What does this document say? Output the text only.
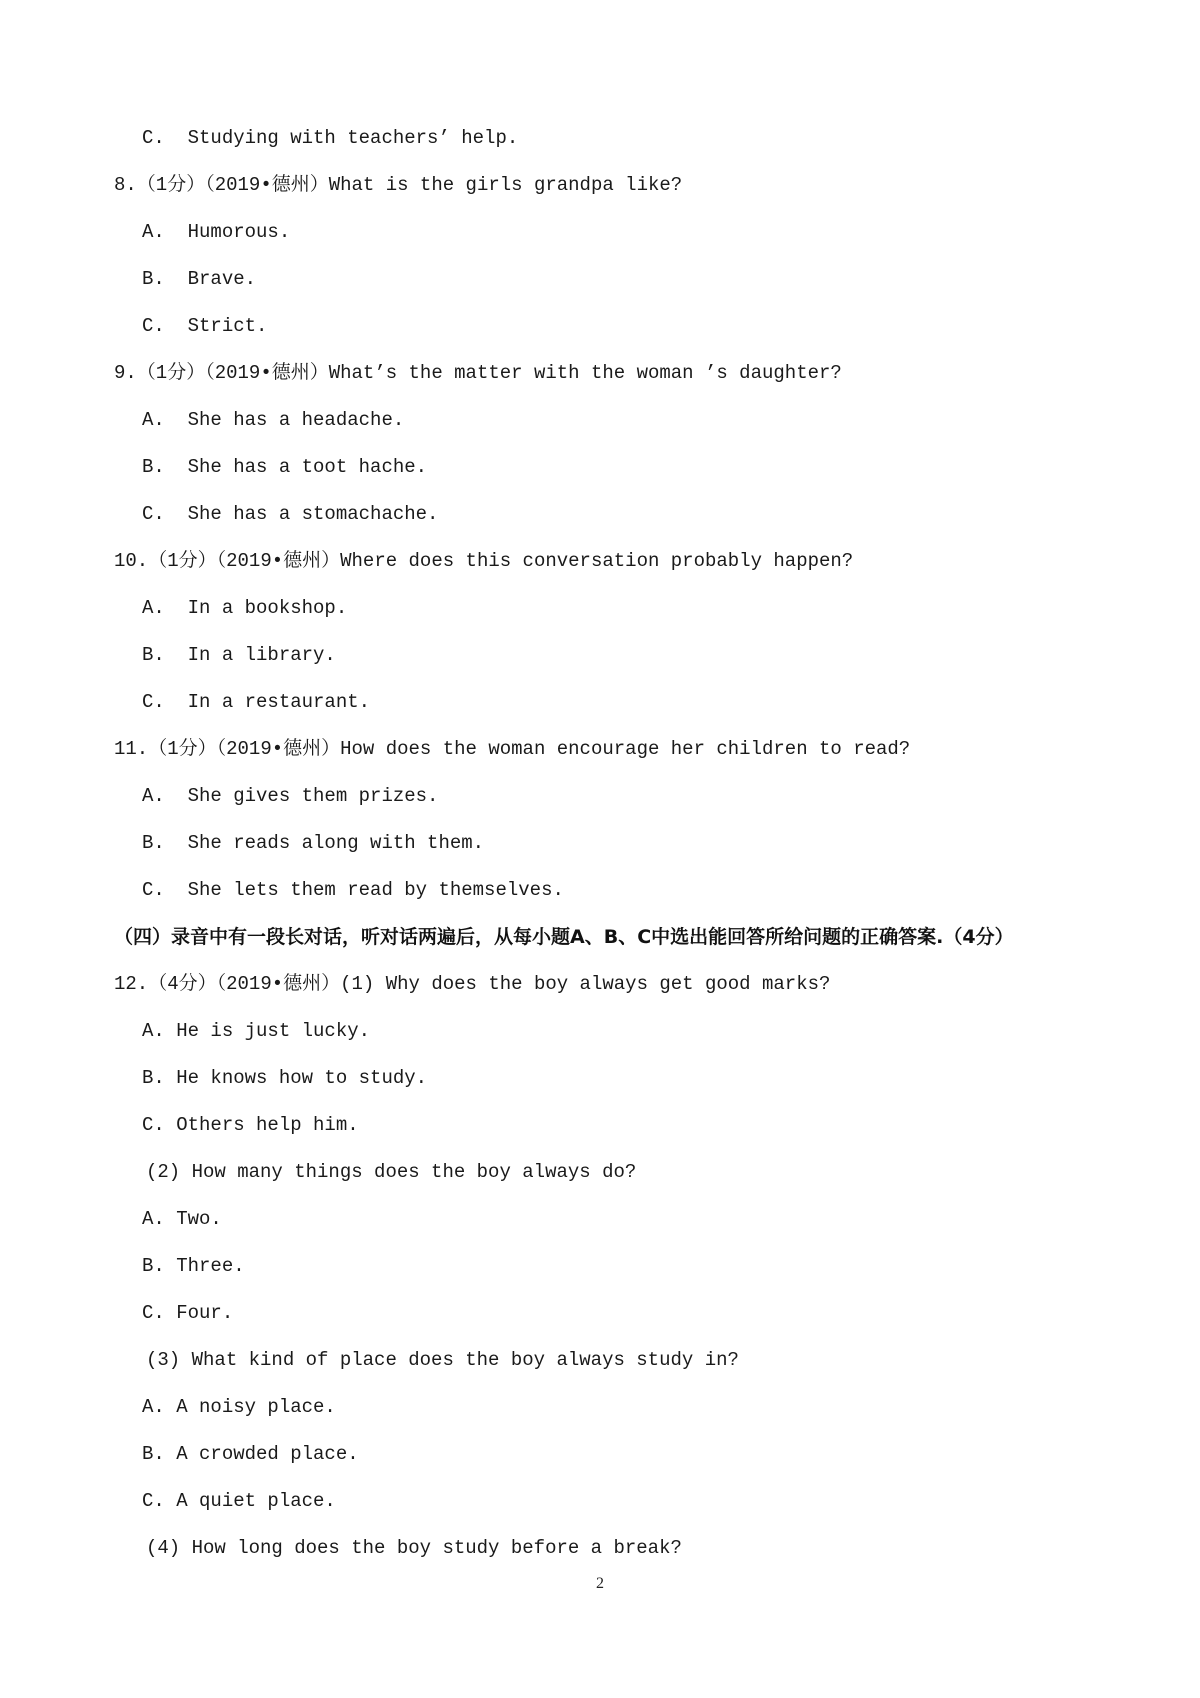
C.  Studying with teachers’ help.
8.（1分）（2019•德州）What is the girls grandpa like?
A.  Humorous.
B.  Brave.
C.  Strict.
9.（1分）（2019•德州）What’s the matter with the woman ’s daughter?
A.  She has a headache.
B.  She has a toot hache.
C.  She has a stomachache.
10.（1分）（2019•德州）Where does this conversation probably happen?
A.  In a bookshop.
B.  In a library.
C.  In a restaurant.
11.（1分）（2019•德州）How does the woman encourage her children to read?
A.  She gives them prizes.
B.  She reads along with them.
C.  She lets them read by themselves.
（四）录音中有一段长对话，听对话两遍后，从每小题A、B、C中选出能回答所给问题的正确答案.（4分）
12.（4分）（2019•德州）(1) Why does the boy always get good marks?
A. He is just lucky.
B. He knows how to study.
C. Others help him.
(2) How many things does the boy always do?
A. Two.
B. Three.
C. Four.
(3) What kind of place does the boy always study in?
A. A noisy place.
B. A crowded place.
C. A quiet place.
(4) How long does the boy study before a break?
2
